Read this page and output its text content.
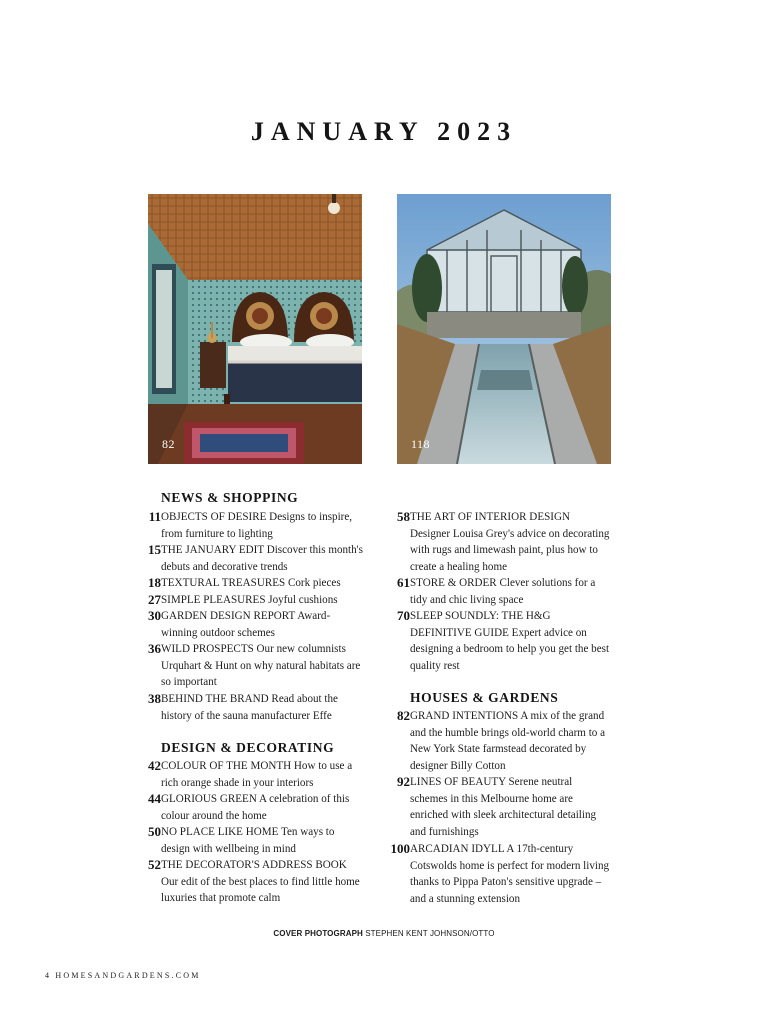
JANUARY 2023
82	118
NEWS & SHOPPING
11 OBJECTS OF DESIRE Designs to inspire, from furniture to lighting
15 THE JANUARY EDIT Discover this month's debuts and decorative trends
18 TEXTURAL TREASURES Cork pieces
27 SIMPLE PLEASURES Joyful cushions
30 GARDEN DESIGN REPORT Award-winning outdoor schemes
36 WILD PROSPECTS Our new columnists Urquhart & Hunt on why natural habitats are so important
38 BEHIND THE BRAND Read about the history of the sauna manufacturer Effe
DESIGN & DECORATING
42 COLOUR OF THE MONTH How to use a rich orange shade in your interiors
44 GLORIOUS GREEN A celebration of this colour around the home
50 NO PLACE LIKE HOME Ten ways to design with wellbeing in mind
52 THE DECORATOR'S ADDRESS BOOK Our edit of the best places to find little home luxuries that promote calm
58 THE ART OF INTERIOR DESIGN Designer Louisa Grey's advice on decorating with rugs and limewash paint, plus how to create a healing home
61 STORE & ORDER Clever solutions for a tidy and chic living space
70 SLEEP SOUNDLY: THE H&G DEFINITIVE GUIDE Expert advice on designing a bedroom to help you get the best quality rest
HOUSES & GARDENS
82 GRAND INTENTIONS A mix of the grand and the humble brings old-world charm to a New York State farmstead decorated by designer Billy Cotton
92 LINES OF BEAUTY Serene neutral schemes in this Melbourne home are enriched with sleek architectural detailing and furnishings
100 ARCADIAN IDYLL A 17th-century Cotswolds home is perfect for modern living thanks to Pippa Paton's sensitive upgrade – and a stunning extension
COVER PHOTOGRAPH STEPHEN KENT JOHNSON/OTTO
4 HOMESANDGARDENS.COM
